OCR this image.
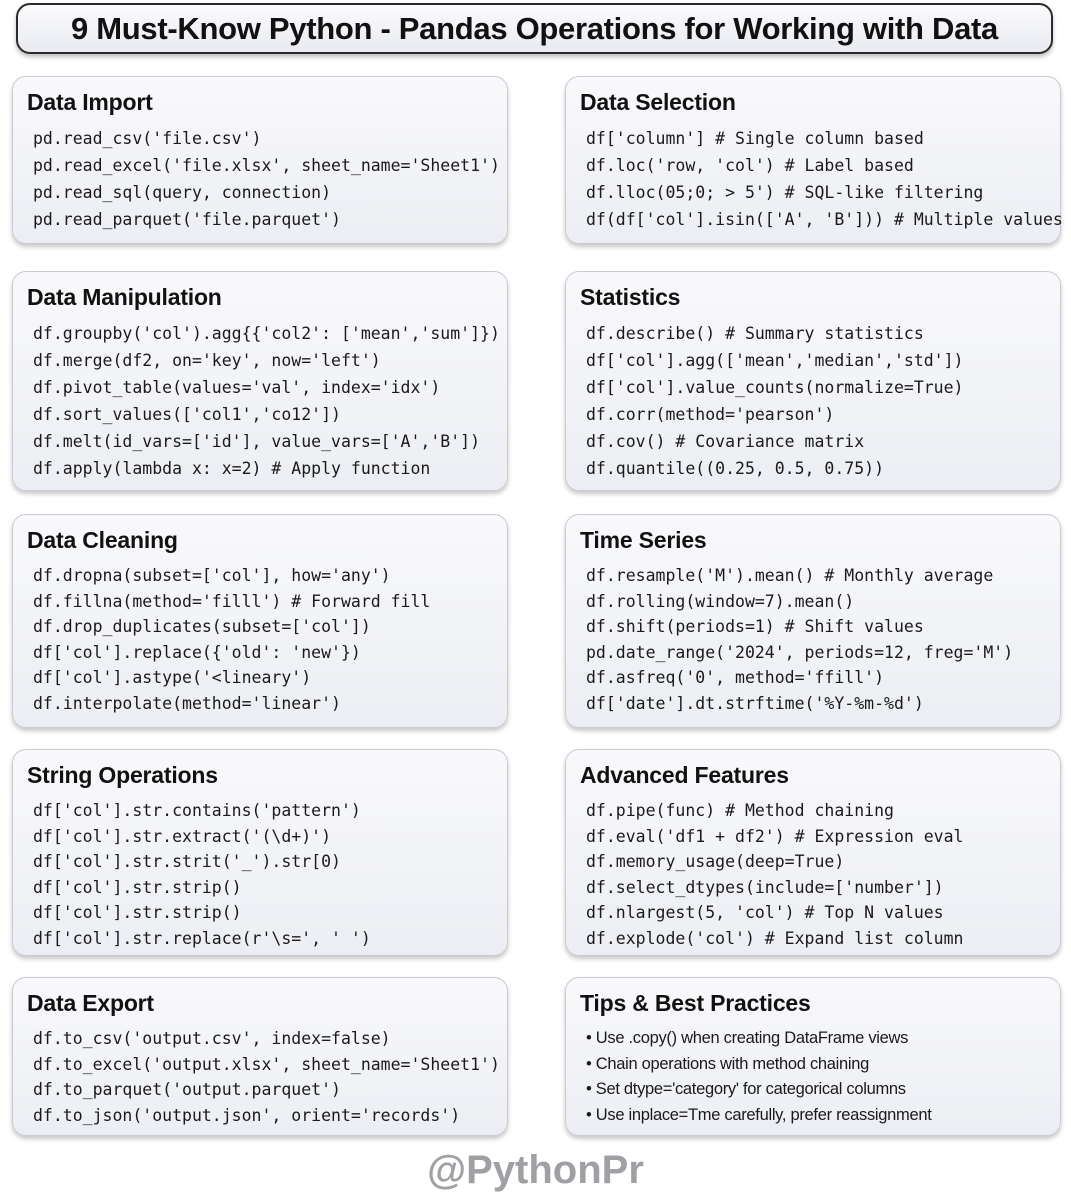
9 Must-Know Python - Pandas Operations for Working with Data
Data Import
pd.read_csv('file.csv')
pd.read_excel('file.xlsx', sheet_name='Sheet1')
pd.read_sql(query, connection)
pd.read_parquet('file.parquet')
Data Selection
df['column'] # Single column based
df.loc('row, 'col') # Label based
df.lloc(05;0; > 5') # SQL-like filtering
df(df['col'].isin(['A', 'B'])) # Multiple values
Data Manipulation
df.groupby('col').agg{{'col2': ['mean','sum']})
df.merge(df2, on='key', now='left')
df.pivot_table(values='val', index='idx')
df.sort_values(['col1','co12'])
df.melt(id_vars=['id'], value_vars=['A','B'])
df.apply(lambda x: x=2) # Apply function
Statistics
df.describe() # Summary statistics
df['col'].agg(['mean','median','std'])
df['col'].value_counts(normalize=True)
df.corr(method='pearson')
df.cov() # Covariance matrix
df.quantile((0.25, 0.5, 0.75))
Data Cleaning
df.dropna(subset=['col'], how='any')
df.fillna(method='filll') # Forward fill
df.drop_duplicates(subset=['col'])
df['col'].replace({'old': 'new'})
df['col'].astype('<lineary')
df.interpolate(method='linear')
Time Series
df.resample('M').mean() # Monthly average
df.rolling(window=7).mean()
df.shift(periods=1) # Shift values
pd.date_range('2024', periods=12, freg='M')
df.asfreq('0', method='ffill')
df['date'].dt.strftime('%Y-%m-%d')
String Operations
df['col'].str.contains('pattern')
df['col'].str.extract('(\d+)')
df['col'].str.strit('_').str[0)
df['col'].str.strip()
df['col'].str.strip()
df['col'].str.replace(r'\s=', ' ')
Advanced Features
df.pipe(func) # Method chaining
df.eval('df1 + df2') # Expression eval
df.memory_usage(deep=True)
df.select_dtypes(include=['number'])
df.nlargest(5, 'col') # Top N values
df.explode('col') # Expand list column
Data Export
df.to_csv('output.csv', index=false)
df.to_excel('output.xlsx', sheet_name='Sheet1')
df.to_parquet('output.parquet')
df.to_json('output.json', orient='records')
Tips & Best Practices
• Use .copy() when creating DataFrame views
• Chain operations with method chaining
• Set dtype='category' for categorical columns
• Use inplace=Tme carefully, prefer reassignment
@PythonPr
